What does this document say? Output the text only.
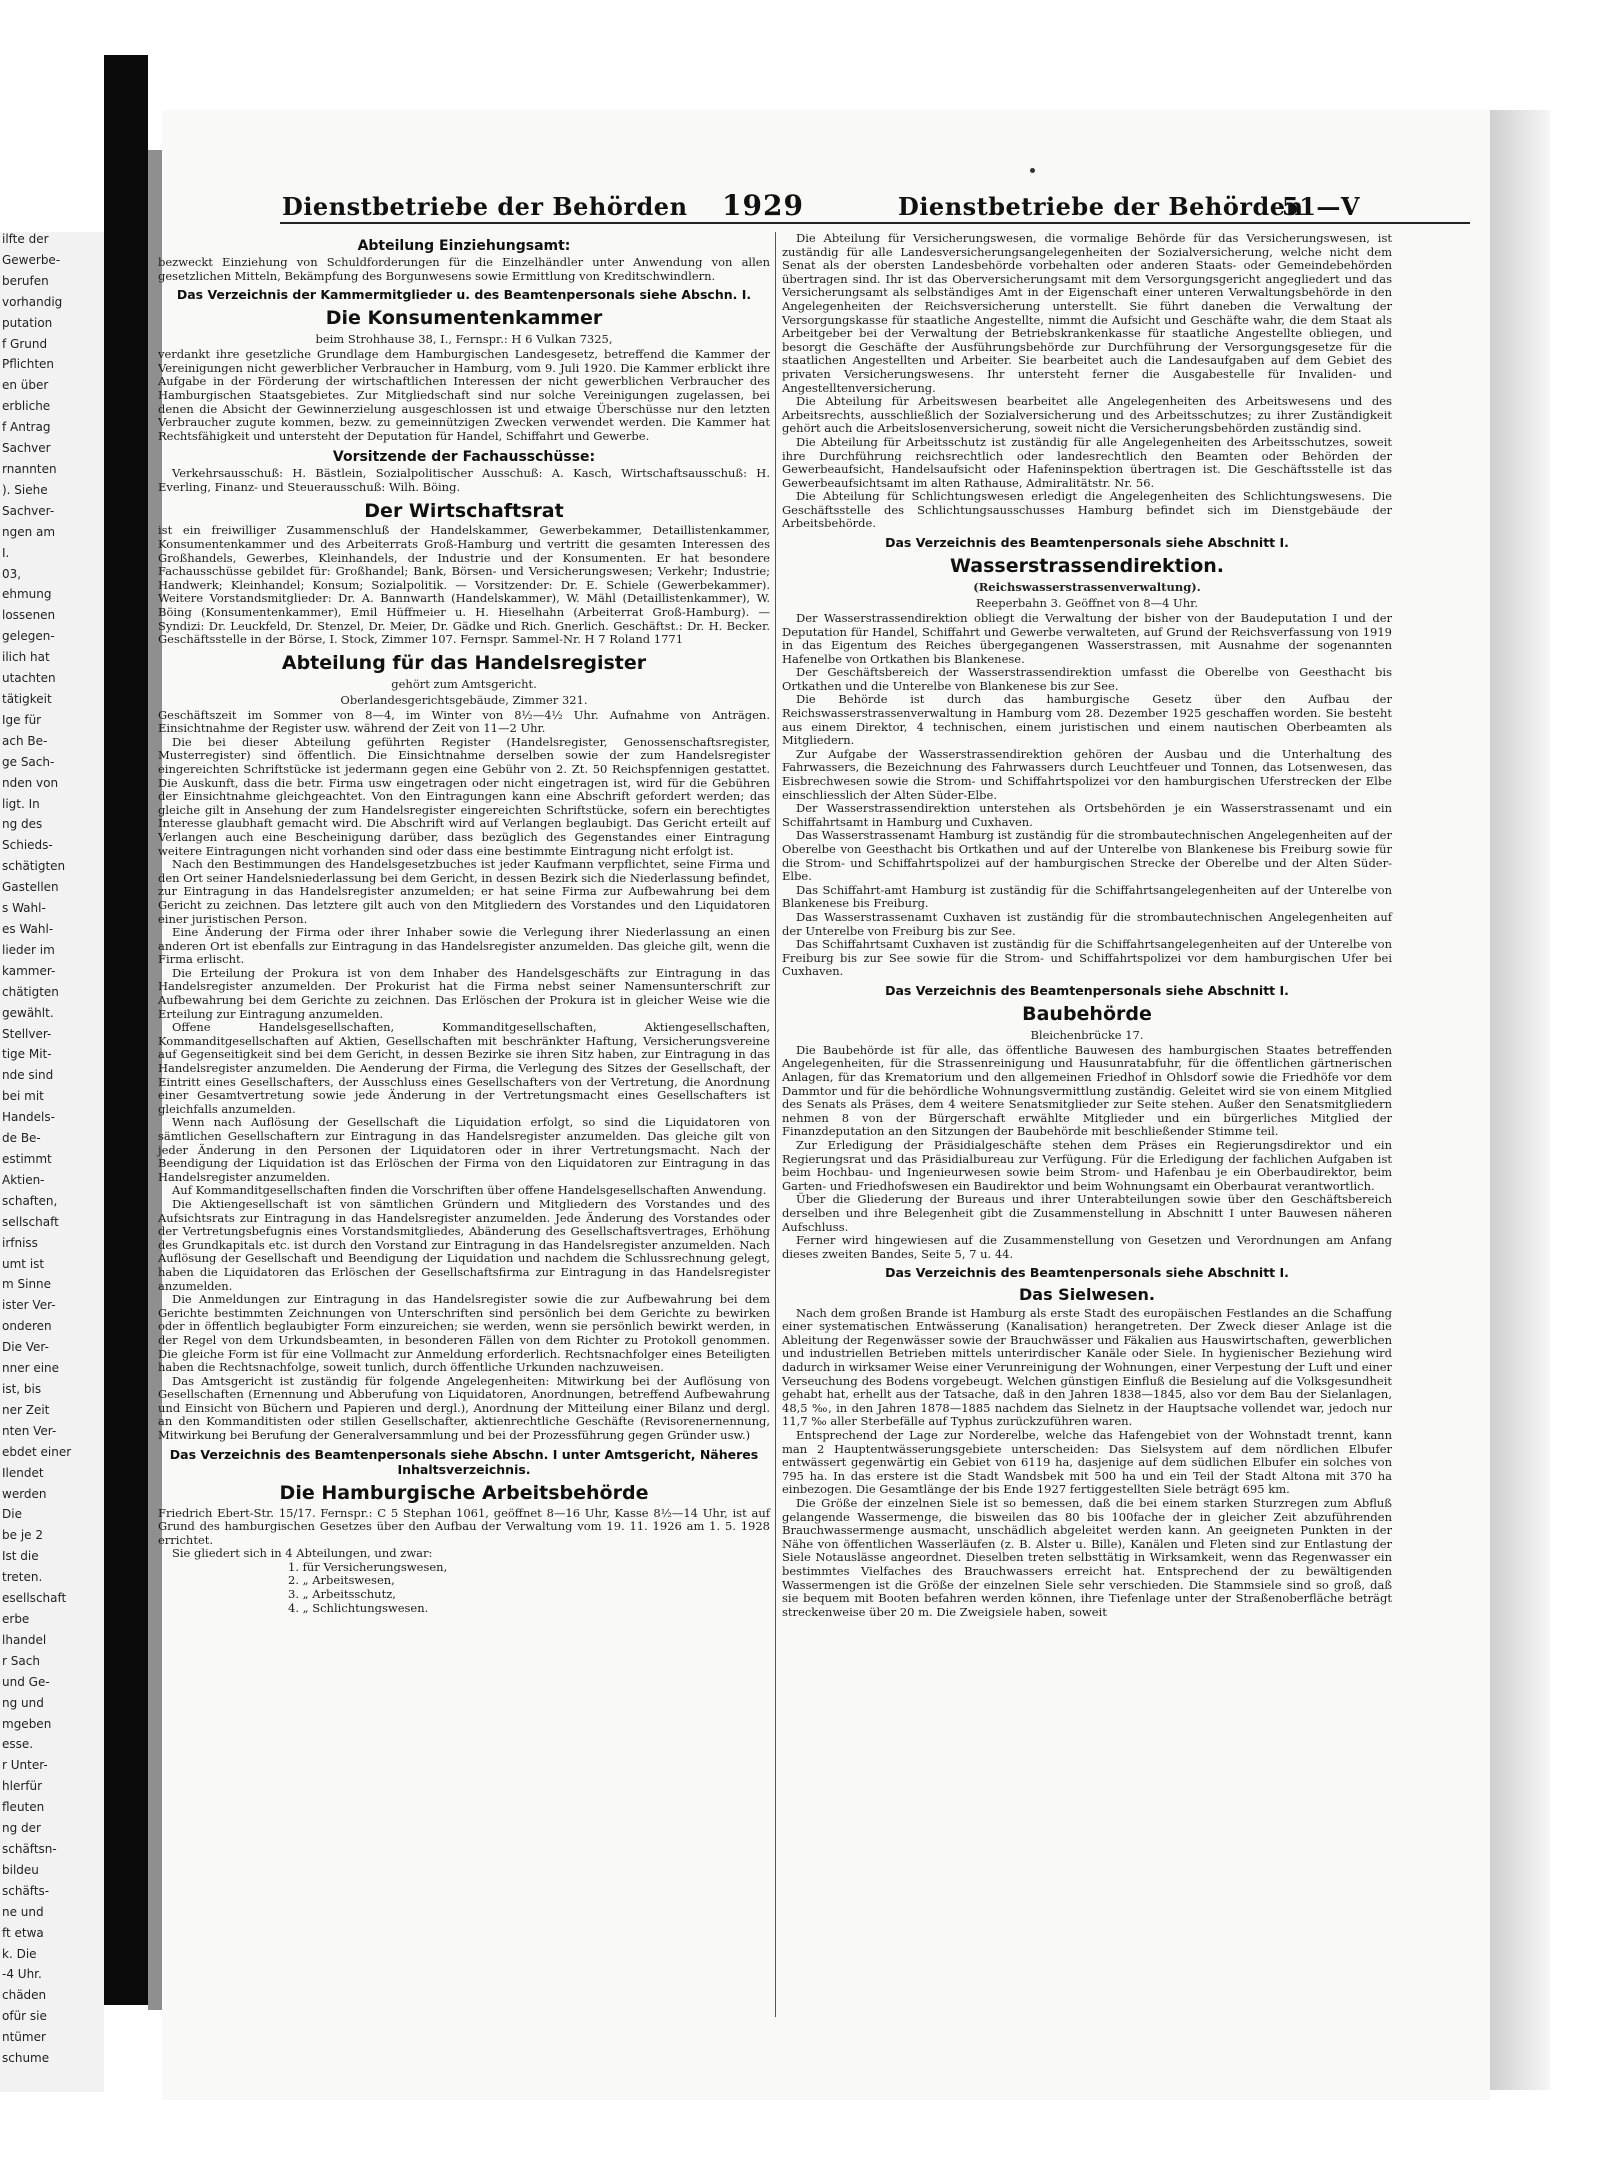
ilfte der
Gewerbe-
berufen
vorhandig
putation
f Grund
Pflichten
en über
erbliche
f Antrag
Sachver
rnannten
). Siehe
Sachver-
ngen am
I.
03,
ehmung
lossenen
gelegen-
ilich hat
utachten
tätigkeit
Ige für
ach Be-
ge Sach-
nden von
ligt. In
ng des
Schieds-
schätigten
Gastellen
s Wahl-
es Wahl-
lieder im
kammer-
chätigten
gewählt.
Stellver-
tige Mit-
nde sind
bei mit
Handels-
de Be-
estimmt
Aktien-
schaften,
sellschaft
irfniss
umt ist
m Sinne
ister Ver-
onderen
Die Ver-
nner eine
ist, bis
ner Zeit
nten Ver-
ebdet einer
Ilendet
werden
Die
be je 2
Ist die
treten.
esellschaft
erbe
lhandel
r Sach
und Ge-
ng und
mgeben
esse.
r Unter-
hlerfür
fleuten
ng der
schäftsn-
bildeu
schäfts-
ne und
ft etwa
k. Die
-4 Uhr.
chäden
ofür sie
ntümer
schume
Dienstbetriebe der Behörden 1929	Dienstbetriebe der Behörden
51—V
Abteilung Einziehungsamt:

bezweckt Einziehung von Schuldforderungen für die Einzelhändler unter Anwendung von allen gesetzlichen Mitteln, Bekämpfung des Borgunwesens sowie Ermittlung von Kreditschwindlern.

Das Verzeichnis der Kammermitglieder u. des Beamtenpersonals siehe Abschn. I.
Die Konsumentenkammer
beim Strohhause 38, I., Fernspr.: H 6 Vulkan 7325,

verdankt ihre gesetzliche Grundlage dem Hamburgischen Landesgesetz, betreffend die Kammer der Vereinigungen nicht gewerblicher Verbraucher in Hamburg, vom 9. Juli 1920. Die Kammer erblickt ihre Aufgabe in der Förderung der wirtschaftlichen Interessen der nicht gewerblichen Verbraucher des Hamburgischen Staatsgebietes. Zur Mitgliedschaft sind nur solche Vereinigungen zugelassen, bei denen die Absicht der Gewinnerzielung ausgeschlossen ist und etwaige Überschüsse nur den letzten Verbraucher zugute kommen, bezw. zu gemeinnützigen Zwecken verwendet werden. Die Kammer hat Rechtsfähigkeit und untersteht der Deputation für Handel, Schiffahrt und Gewerbe.

Vorsitzende der Fachausschüsse:

Verkehrsausschuß: H. Bästlein, Sozialpolitischer Ausschuß: A. Kasch, Wirtschaftsausschuß: H. Everling, Finanz- und Steuerausschuß: Wilh. Böing.

Der Wirtschaftsrat

ist ein freiwilliger Zusammenschluß der Handelskammer, Gewerbekammer, Detaillistenkammer, Konsumentenkammer und des Arbeiterrats Groß-Hamburg und vertritt die gesamten Interessen des Großhandels, Gewerbes, Kleinhandels, der Industrie und der Konsumenten. Er hat besondere Fachausschüsse gebildet für: Großhandel; Bank, Börsen- und Versicherungswesen; Verkehr; Industrie; Handwerk; Kleinhandel; Konsum; Sozialpolitik. — Vorsitzender: Dr. E. Schiele (Gewerbekammer). Weitere Vorstandsmitglieder: Dr. A. Bannwarth (Handelskammer), W. Mähl (Detaillistenkammer), W. Böing (Konsumentenkammer), Emil Hüffmeier u. H. Hieselhahn (Arbeiterrat Groß-Hamburg). — Syndizi: Dr. Leuckfeld, Dr. Stenzel, Dr. Meier, Dr. Gädke und Rich. Gnerlich. Geschäftst.: Dr. H. Becker. Geschäftsstelle in der Börse, I. Stock, Zimmer 107. Fernspr. Sammel-Nr. H 7 Roland 1771

Abteilung für das Handelsregister
gehört zum Amtsgericht.
Oberlandesgerichtsgebäude, Zimmer 321.

Geschäftszeit im Sommer von 8—4, im Winter von 8½—4½ Uhr. Aufnahme von Anträgen. Einsichtnahme der Register usw. während der Zeit von 11—2 Uhr.

Die bei dieser Abteilung geführten Register (Handelsregister, Genossenschaftsregister, Musterregister) sind öffentlich. Die Einsichtnahme derselben sowie der zum Handelsregister eingereichten Schriftstücke ist jedermann gegen eine Gebühr von 2. Zt. 50 Reichspfennigen gestattet. Die Auskunft, dass die betr. Firma usw eingetragen oder nicht eingetragen ist, wird für die Gebühren der Einsichtnahme gleichgeachtet. Von den Eintragungen kann eine Abschrift gefordert werden; das gleiche gilt in Ansehung der zum Handelsregister eingereichten Schriftstücke, sofern ein berechtigtes Interesse glaubhaft gemacht wird. Die Abschrift wird auf Verlangen beglaubigt. Das Gericht erteilt auf Verlangen auch eine Bescheinigung darüber, dass bezüglich des Gegenstandes einer Eintragung weitere Eintragungen nicht vorhanden sind oder dass eine bestimmte Eintragung nicht erfolgt ist.

Nach den Bestimmungen des Handelsgesetzbuches ist jeder Kaufmann verpflichtet, seine Firma und den Ort seiner Handelsniederlassung bei dem Gericht, in dessen Bezirk sich die Niederlassung befindet, zur Eintragung in das Handelsregister anzumelden; er hat seine Firma zur Aufbewahrung bei dem Gericht zu zeichnen. Das letztere gilt auch von den Mitgliedern des Vorstandes und den Liquidatoren einer juristischen Person.

Eine Änderung der Firma oder ihrer Inhaber sowie die Verlegung ihrer Niederlassung an einen anderen Ort ist ebenfalls zur Eintragung in das Handelsregister anzumelden. Das gleiche gilt, wenn die Firma erlischt.

Die Erteilung der Prokura ist von dem Inhaber des Handelsgeschäfts zur Eintragung in das Handelsregister anzumelden. Der Prokurist hat die Firma nebst seiner Namensunterschrift zur Aufbewahrung bei dem Gerichte zu zeichnen. Das Erlöschen der Prokura ist in gleicher Weise wie die Erteilung zur Eintragung anzumelden.

Offene Handelsgesellschaften, Kommanditgesellschaften, Aktiengesellschaften, Kommanditgesellschaften auf Aktien, Gesellschaften mit beschränkter Haftung, Versicherungsvereine auf Gegenseitigkeit sind bei dem Gericht, in dessen Bezirke sie ihren Sitz haben, zur Eintragung in das Handelsregister anzumelden. Die Aenderung der Firma, die Verlegung des Sitzes der Gesellschaft, der Eintritt eines Gesellschafters, der Ausschluss eines Gesellschafters von der Vertretung, die Anordnung einer Gesamtvertretung sowie jede Änderung in der Vertretungsmacht eines Gesellschafters ist gleichfalls anzumelden.

Wenn nach Auflösung der Gesellschaft die Liquidation erfolgt, so sind die Liquidatoren von sämtlichen Gesellschaftern zur Eintragung in das Handelsregister anzumelden. Das gleiche gilt von jeder Änderung in den Personen der Liquidatoren oder in ihrer Vertretungsmacht. Nach der Beendigung der Liquidation ist das Erlöschen der Firma von den Liquidatoren zur Eintragung in das Handelsregister anzumelden.

Auf Kommanditgesellschaften finden die Vorschriften über offene Handelsgesellschaften Anwendung.

Die Aktiengesellschaft ist von sämtlichen Gründern und Mitgliedern des Vorstandes und des Aufsichtsrats zur Eintragung in das Handelsregister anzumelden. Jede Änderung des Vorstandes oder der Vertretungsbefugnis eines Vorstandsmitgliedes, Abänderung des Gesellschaftsvertrages, Erhöhung des Grundkapitals etc. ist durch den Vorstand zur Eintragung in das Handelsregister anzumelden. Nach Auflösung der Gesellschaft und Beendigung der Liquidation und nachdem die Schlussrechnung gelegt, haben die Liquidatoren das Erlöschen der Gesellschaftsfirma zur Eintragung in das Handelsregister anzumelden.

Die Anmeldungen zur Eintragung in das Handelsregister sowie die zur Aufbewahrung bei dem Gerichte bestimmten Zeichnungen von Unterschriften sind persönlich bei dem Gerichte zu bewirken oder in öffentlich beglaubigter Form einzureichen; sie werden, wenn sie persönlich bewirkt werden, in der Regel von dem Urkundsbeamten, in besonderen Fällen von dem Richter zu Protokoll genommen. Die gleiche Form ist für eine Vollmacht zur Anmeldung erforderlich. Rechtsnachfolger eines Beteiligten haben die Rechtsnachfolge, soweit tunlich, durch öffentliche Urkunden nachzuweisen.

Das Amtsgericht ist zuständig für folgende Angelegenheiten: Mitwirkung bei der Auflösung von Gesellschaften (Ernennung und Abberufung von Liquidatoren, Anordnungen, betreffend Aufbewahrung und Einsicht von Büchern und Papieren und dergl.), Anordnung der Mitteilung einer Bilanz und dergl. an den Kommanditisten oder stillen Gesellschafter, aktienrechtliche Geschäfte (Revisorenernennung, Mitwirkung bei Berufung der Generalversammlung und bei der Prozessführung gegen Gründer usw.)

Das Verzeichnis des Beamtenpersonals siehe Abschn. I unter Amtsgericht, Näheres Inhaltsverzeichnis.
Die Hamburgische Arbeitsbehörde

Friedrich Ebert-Str. 15/17. Fernspr.: C 5 Stephan 1061, geöffnet 8—16 Uhr, Kasse 8½—14 Uhr, ist auf Grund des hamburgischen Gesetzes über den Aufbau der Verwaltung vom 19. 11. 1926 am 1. 5. 1928 errichtet.

Sie gliedert sich in 4 Abteilungen, und zwar:

1. für Versicherungswesen,
2. „ Arbeitswesen,
3. „ Arbeitsschutz,
4. „ Schlichtungswesen.

Die Abteilung für Versicherungswesen, die vormalige Behörde für das Versicherungswesen, ist zuständig für alle Landesversicherungsangelegenheiten der Sozialversicherung, welche nicht dem Senat als der obersten Landesbehörde vorbehalten oder anderen Staats- oder Gemeindebehörden übertragen sind. Ihr ist das Oberversicherungsamt mit dem Versorgungsgericht angegliedert und das Versicherungsamt als selbständiges Amt in der Eigenschaft einer unteren Verwaltungsbehörde in den Angelegenheiten der Reichsversicherung unterstellt. Sie führt daneben die Verwaltung der Versorgungskasse für staatliche Angestellte, nimmt die Aufsicht und Geschäfte wahr, die dem Staat als Arbeitgeber bei der Verwaltung der Betriebskrankenkasse für staatliche Angestellte obliegen, und besorgt die Geschäfte der Ausführungsbehörde zur Durchführung der Versorgungsgesetze für die staatlichen Angestellten und Arbeiter. Sie bearbeitet auch die Landesaufgaben auf dem Gebiet des privaten Versicherungswesens. Ihr untersteht ferner die Ausgabestelle für Invaliden- und Angestelltenversicherung.

Die Abteilung für Arbeitswesen bearbeitet alle Angelegenheiten des Arbeitswesens und des Arbeitsrechts, ausschließlich der Sozialversicherung und des Arbeitsschutzes; zu ihrer Zuständigkeit gehört auch die Arbeitslosenversicherung, soweit nicht die Versicherungsbehörden zuständig sind.

Die Abteilung für Arbeitsschutz ist zuständig für alle Angelegenheiten des Arbeitsschutzes, soweit ihre Durchführung reichsrechtlich oder landesrechtlich den Beamten oder Behörden der Gewerbeaufsicht, Handelsaufsicht oder Hafeninspektion übertragen ist. Die Geschäftsstelle ist das Gewerbeaufsichtsamt im alten Rathause, Admiralitätstr. Nr. 56.

Die Abteilung für Schlichtungswesen erledigt die Angelegenheiten des Schlichtungswesens. Die Geschäftsstelle des Schlichtungsausschusses Hamburg befindet sich im Dienstgebäude der Arbeitsbehörde.

Das Verzeichnis des Beamtenpersonals siehe Abschnitt I.
Wasserstrassendirektion.
(Reichswasserstrassenverwaltung).
Reeperbahn 3. Geöffnet von 8—4 Uhr.

Der Wasserstrassendirektion obliegt die Verwaltung der bisher von der Baudeputation I und der Deputation für Handel, Schiffahrt und Gewerbe verwalteten, auf Grund der Reichsverfassung von 1919 in das Eigentum des Reiches übergegangenen Wasserstrassen, mit Ausnahme der sogenannten Hafenelbe von Ortkathen bis Blankenese.

Der Geschäftsbereich der Wasserstrassendirektion umfasst die Oberelbe von Geesthacht bis Ortkathen und die Unterelbe von Blankenese bis zur See.

Die Behörde ist durch das hamburgische Gesetz über den Aufbau der Reichswasserstrassenverwaltung in Hamburg vom 28. Dezember 1925 geschaffen worden. Sie besteht aus einem Direktor, 4 technischen, einem juristischen und einem nautischen Oberbeamten als Mitgliedern.

Zur Aufgabe der Wasserstrassendirektion gehören der Ausbau und die Unterhaltung des Fahrwassers, die Bezeichnung des Fahrwassers durch Leuchtfeuer und Tonnen, das Lotsenwesen, das Eisbrechwesen sowie die Strom- und Schiffahrtspolizei vor den hamburgischen Uferstrecken der Elbe einschliesslich der Alten Süder-Elbe.

Der Wasserstrassendirektion unterstehen als Ortsbehörden je ein Wasserstrassenamt und ein Schiffahrtsamt in Hamburg und Cuxhaven.

Das Wasserstrassenamt Hamburg ist zuständig für die strombautechnischen Angelegenheiten auf der Oberelbe von Geesthacht bis Ortkathen und auf der Unterelbe von Blankenese bis Freiburg sowie für die Strom- und Schiffahrtspolizei auf der hamburgischen Strecke der Oberelbe und der Alten Süder-Elbe.

Das Schiffahrt-amt Hamburg ist zuständig für die Schiffahrtsangelegenheiten auf der Unterelbe von Blankenese bis Freiburg.

Das Wasserstrassenamt Cuxhaven ist zuständig für die strombautechnischen Angelegenheiten auf der Unterelbe von Freiburg bis zur See.

Das Schiffahrtsamt Cuxhaven ist zuständig für die Schiffahrtsangelegenheiten auf der Unterelbe von Freiburg bis zur See sowie für die Strom- und Schiffahrtspolizei vor dem hamburgischen Ufer bei Cuxhaven.

Das Verzeichnis des Beamtenpersonals siehe Abschnitt I.
Baubehörde
Bleichenbrücke 17.

Die Baubehörde ist für alle, das öffentliche Bauwesen des hamburgischen Staates betreffenden Angelegenheiten, für die Strassenreinigung und Hausunratabfuhr, für die öffentlichen gärtnerischen Anlagen, für das Krematorium und den allgemeinen Friedhof in Ohlsdorf sowie die Friedhöfe vor dem Dammtor und für die behördliche Wohnungsvermittlung zuständig. Geleitet wird sie von einem Mitglied des Senats als Präses, dem 4 weitere Senatsmitglieder zur Seite stehen. Außer den Senatsmitgliedern nehmen 8 von der Bürgerschaft erwählte Mitglieder und ein bürgerliches Mitglied der Finanzdeputation an den Sitzungen der Baubehörde mit beschließender Stimme teil.

Zur Erledigung der Präsidialgeschäfte stehen dem Präses ein Regierungsdirektor und ein Regierungsrat und das Präsidialbureau zur Verfügung. Für die Erledigung der fachlichen Aufgaben ist beim Hochbau- und Ingenieurwesen sowie beim Strom- und Hafenbau je ein Oberbaudirektor, beim Garten- und Friedhofswesen ein Baudirektor und beim Wohnungsamt ein Oberbaurat verantwortlich.

Über die Gliederung der Bureaus und ihrer Unterabteilungen sowie über den Geschäftsbereich derselben und ihre Belegenheit gibt die Zusammenstellung in Abschnitt I unter Bauwesen näheren Aufschluss.

Ferner wird hingewiesen auf die Zusammenstellung von Gesetzen und Verordnungen am Anfang dieses zweiten Bandes, Seite 5, 7 u. 44.

Das Verzeichnis des Beamtenpersonals siehe Abschnitt I.
Das Sielwesen.

Nach dem großen Brande ist Hamburg als erste Stadt des europäischen Festlandes an die Schaffung einer systematischen Entwässerung (Kanalisation) herangetreten. Der Zweck dieser Anlage ist die Ableitung der Regenwässer sowie der Brauchwässer und Fäkalien aus Hauswirtschaften, gewerblichen und industriellen Betrieben mittels unterirdischer Kanäle oder Siele. In hygienischer Beziehung wird dadurch in wirksamer Weise einer Verunreinigung der Wohnungen, einer Verpestung der Luft und einer Verseuchung des Bodens vorgebeugt. Welchen günstigen Einfluß die Besielung auf die Volksgesundheit gehabt hat, erhellt aus der Tatsache, daß in den Jahren 1838—1845, also vor dem Bau der Sielanlagen, 48,5 ‰, in den Jahren 1878—1885 nachdem das Sielnetz in der Hauptsache vollendet war, jedoch nur 11,7 ‰ aller Sterbefälle auf Typhus zurückzuführen waren.

Entsprechend der Lage zur Norderelbe, welche das Hafengebiet von der Wohnstadt trennt, kann man 2 Hauptentwässerungsgebiete unterscheiden: Das Sielsystem auf dem nördlichen Elbufer entwässert gegenwärtig ein Gebiet von 6119 ha, dasjenige auf dem südlichen Elbufer ein solches von 795 ha. In das erstere ist die Stadt Wandsbek mit 500 ha und ein Teil der Stadt Altona mit 370 ha einbezogen. Die Gesamtlänge der bis Ende 1927 fertiggestellten Siele beträgt 695 km.

Die Größe der einzelnen Siele ist so bemessen, daß die bei einem starken Sturzregen zum Abfluß gelangende Wassermenge, die bisweilen das 80 bis 100fache der in gleicher Zeit abzuführenden Brauchwassermenge ausmacht, unschädlich abgeleitet werden kann. An geeigneten Punkten in der Nähe von öffentlichen Wasserläufen (z. B. Alster u. Bille), Kanälen und Fleten sind zur Entlastung der Siele Notauslässe angeordnet. Dieselben treten selbsttätig in Wirksamkeit, wenn das Regenwasser ein bestimmtes Vielfaches des Brauchwassers erreicht hat. Entsprechend der zu bewältigenden Wassermengen ist die Größe der einzelnen Siele sehr verschieden. Die Stammsiele sind so groß, daß sie bequem mit Booten befahren werden können, ihre Tiefenlage unter der Straßenoberfläche beträgt streckenweise über 20 m. Die Zweigsiele haben, soweit
